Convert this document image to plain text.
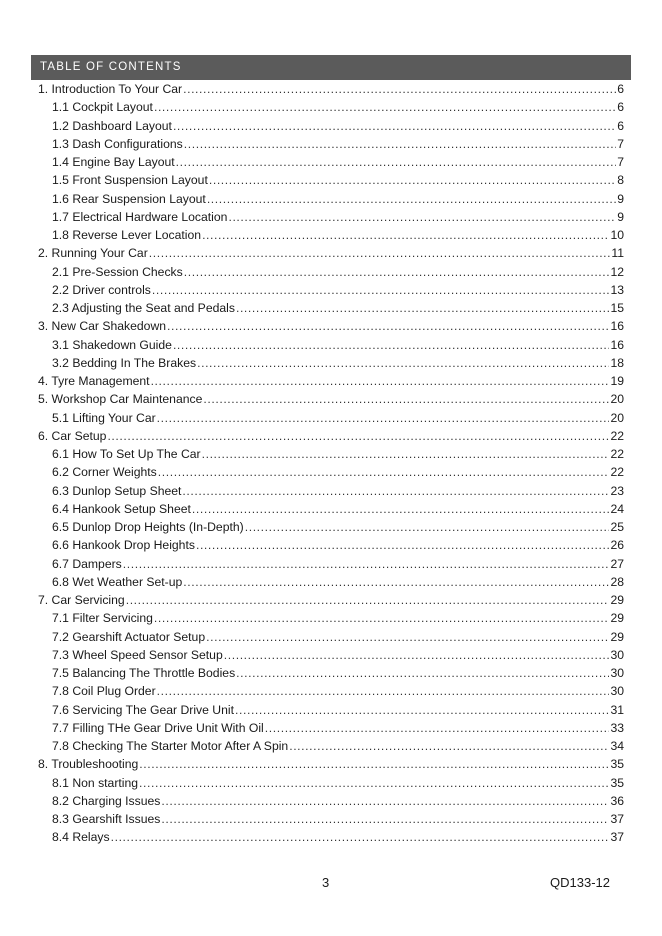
TABLE OF CONTENTS
1. Introduction To Your Car .....	6
1.1 Cockpit Layout .....	6
1.2 Dashboard Layout .....	6
1.3 Dash Configurations .....	7
1.4 Engine Bay Layout .....	7
1.5 Front Suspension Layout .....	8
1.6 Rear Suspension Layout .....	9
1.7 Electrical Hardware Location .....	9
1.8 Reverse Lever Location .....	10
2. Running Your Car .....	11
2.1 Pre-Session Checks .....	12
2.2 Driver controls .....	13
2.3 Adjusting the Seat and Pedals .....	15
3. New Car Shakedown .....	16
3.1 Shakedown Guide .....	16
3.2 Bedding In The Brakes .....	18
4. Tyre Management .....	19
5. Workshop Car Maintenance .....	20
5.1 Lifting Your Car .....	20
6. Car Setup .....	22
6.1 How To Set Up The Car .....	22
6.2 Corner Weights .....	22
6.3 Dunlop Setup Sheet .....	23
6.4 Hankook Setup Sheet .....	24
6.5 Dunlop Drop Heights (In-Depth) .....	25
6.6 Hankook Drop Heights .....	26
6.7 Dampers .....	27
6.8 Wet Weather Set-up .....	28
7. Car Servicing .....	29
7.1 Filter Servicing .....	29
7.2 Gearshift Actuator Setup .....	29
7.3 Wheel Speed Sensor Setup .....	30
7.5 Balancing The Throttle Bodies .....	30
7.8 Coil Plug Order .....	30
7.6 Servicing The Gear Drive Unit .....	31
7.7 Filling THe Gear Drive Unit With Oil .....	33
7.8 Checking The Starter Motor After A Spin .....	34
8. Troubleshooting .....	35
8.1 Non starting .....	35
8.2 Charging Issues .....	36
8.3 Gearshift Issues .....	37
8.4 Relays .....	37
3	QD133-12
